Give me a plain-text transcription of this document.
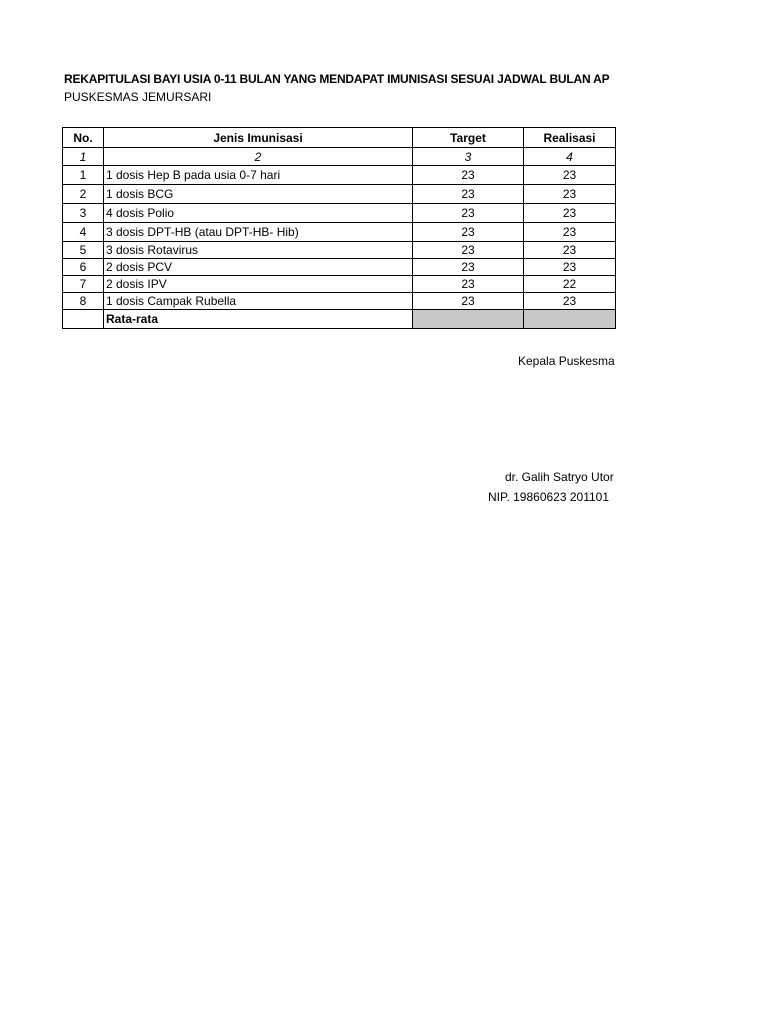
REKAPITULASI BAYI USIA 0-11 BULAN YANG MENDAPAT IMUNISASI SESUAI JADWAL BULAN AP
PUSKESMAS JEMURSARI
No.	Jenis Imunisasi	Target	Realisasi
1	2	3	4
1	1 dosis Hep B pada usia 0-7 hari	23	23
2	1 dosis BCG	23	23
3	4 dosis Polio	23	23
4	3 dosis DPT-HB (atau DPT-HB- Hib)	23	23
5	3 dosis Rotavirus	23	23
6	2 dosis PCV	23	23
7	2 dosis IPV	23	22
8	1 dosis Campak Rubella	23	23
	Rata-rata		
Kepala Puskesma
dr. Galih Satryo Utor
NIP. 19860623 201101
